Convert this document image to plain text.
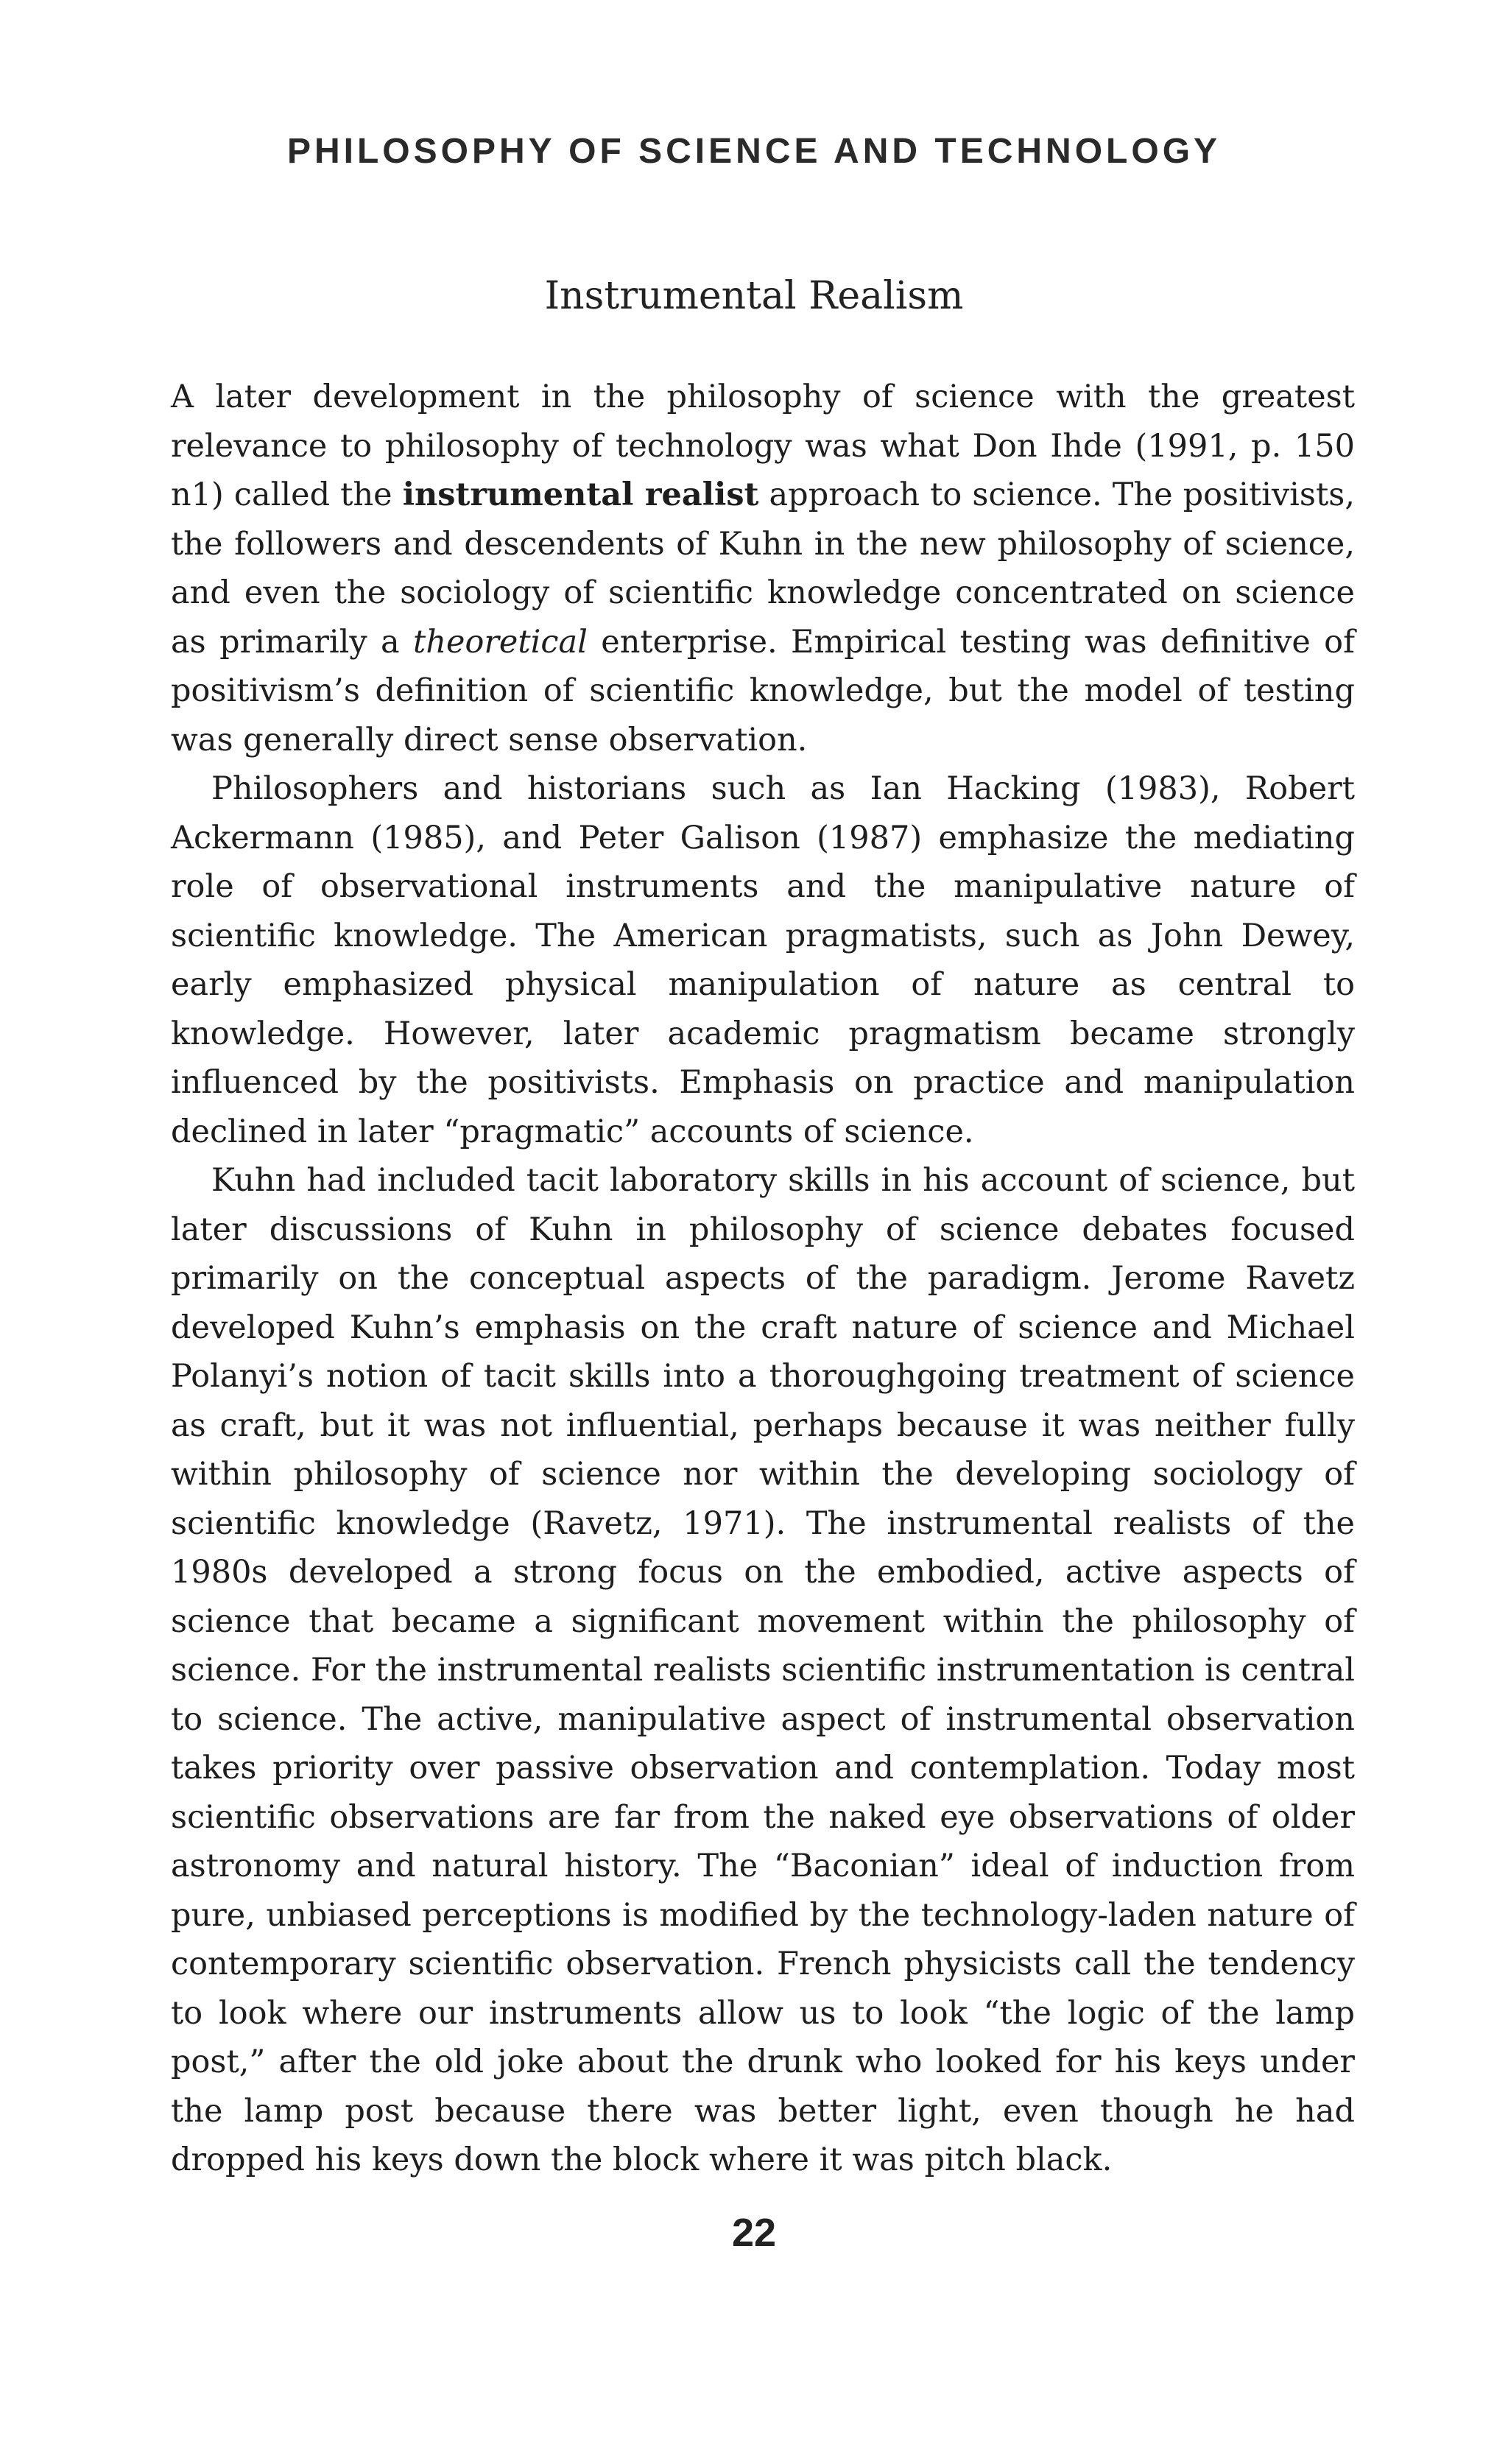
PHILOSOPHY OF SCIENCE AND TECHNOLOGY
Instrumental Realism

A later development in the philosophy of science with the greatest relevance to philosophy of technology was what Don Ihde (1991, p. 150 n1) called the instrumental realist approach to science. The positivists, the followers and descendents of Kuhn in the new philosophy of science, and even the sociology of scientific knowledge concentrated on science as primarily a theoretical enterprise. Empirical testing was definitive of positivism’s definition of scientific knowledge, but the model of testing was generally direct sense observation.

Philosophers and historians such as Ian Hacking (1983), Robert Ackermann (1985), and Peter Galison (1987) emphasize the mediating role of observational instruments and the manipulative nature of scientific knowledge. The American pragmatists, such as John Dewey, early emphasized physical manipulation of nature as central to knowledge. However, later academic pragmatism became strongly influenced by the positivists. Emphasis on practice and manipulation declined in later “pragmatic” accounts of science.

Kuhn had included tacit laboratory skills in his account of science, but later discussions of Kuhn in philosophy of science debates focused primarily on the conceptual aspects of the paradigm. Jerome Ravetz developed Kuhn’s emphasis on the craft nature of science and Michael Polanyi’s notion of tacit skills into a thoroughgoing treatment of science as craft, but it was not influential, perhaps because it was neither fully within philosophy of science nor within the developing sociology of scientific knowledge (Ravetz, 1971). The instrumental realists of the 1980s developed a strong focus on the embodied, active aspects of science that became a significant movement within the philosophy of science. For the instrumental realists scientific instrumentation is central to science. The active, manipulative aspect of instrumental observation takes priority over passive observation and contemplation. Today most scientific observations are far from the naked eye observations of older astronomy and natural history. The “Baconian” ideal of induction from pure, unbiased perceptions is modified by the technology-laden nature of contemporary scientific observation. French physicists call the tendency to look where our instruments allow us to look “the logic of the lamp post,” after the old joke about the drunk who looked for his keys under the lamp post because there was better light, even though he had dropped his keys down the block where it was pitch black.

22
